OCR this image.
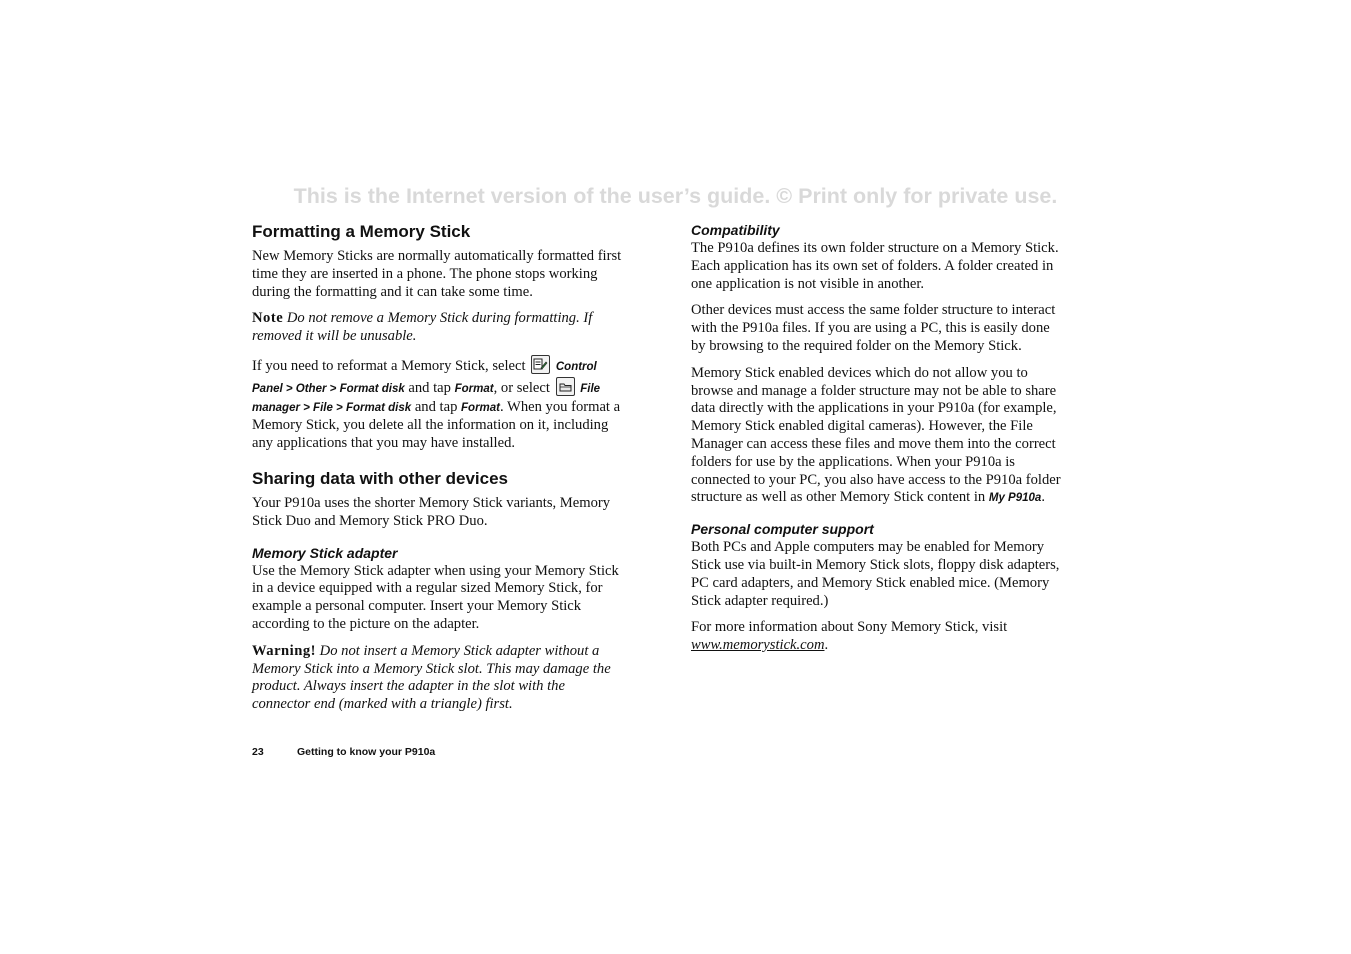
This is the Internet version of the user’s guide. © Print only for private use.
Formatting a Memory Stick

New Memory Sticks are normally automatically formatted first time they are inserted in a phone. The phone stops working during the formatting and it can take some time.

Note Do not remove a Memory Stick during formatting. If removed it will be unusable.

If you need to reformat a Memory Stick, select	Control Panel > Other > Format disk and tap Format, or select	File manager > File > Format disk and tap Format. When you format a Memory Stick, you delete all the information on it, including any applications that you may have installed.

Sharing data with other devices

Your P910a uses the shorter Memory Stick variants, Memory Stick Duo and Memory Stick PRO Duo.

Memory Stick adapter

Use the Memory Stick adapter when using your Memory Stick in a device equipped with a regular sized Memory Stick, for example a personal computer. Insert your Memory Stick according to the picture on the adapter.

Warning! Do not insert a Memory Stick adapter without a Memory Stick into a Memory Stick slot. This may damage the product. Always insert the adapter in the slot with the connector end (marked with a triangle) first.

Compatibility

The P910a defines its own folder structure on a Memory Stick. Each application has its own set of folders. A folder created in one application is not visible in another.

Other devices must access the same folder structure to interact with the P910a files. If you are using a PC, this is easily done by browsing to the required folder on the Memory Stick.

Memory Stick enabled devices which do not allow you to browse and manage a folder structure may not be able to share data directly with the applications in your P910a (for example, Memory Stick enabled digital cameras). However, the File Manager can access these files and move them into the correct folders for use by the applications. When your P910a is connected to your PC, you also have access to the P910a folder structure as well as other Memory Stick content in My P910a.

Personal computer support

Both PCs and Apple computers may be enabled for Memory Stick use via built-in Memory Stick slots, floppy disk adapters, PC card adapters, and Memory Stick enabled mice. (Memory Stick adapter required.)

For more information about Sony Memory Stick, visit www.memorystick.com.

23	Getting to know your P910a
